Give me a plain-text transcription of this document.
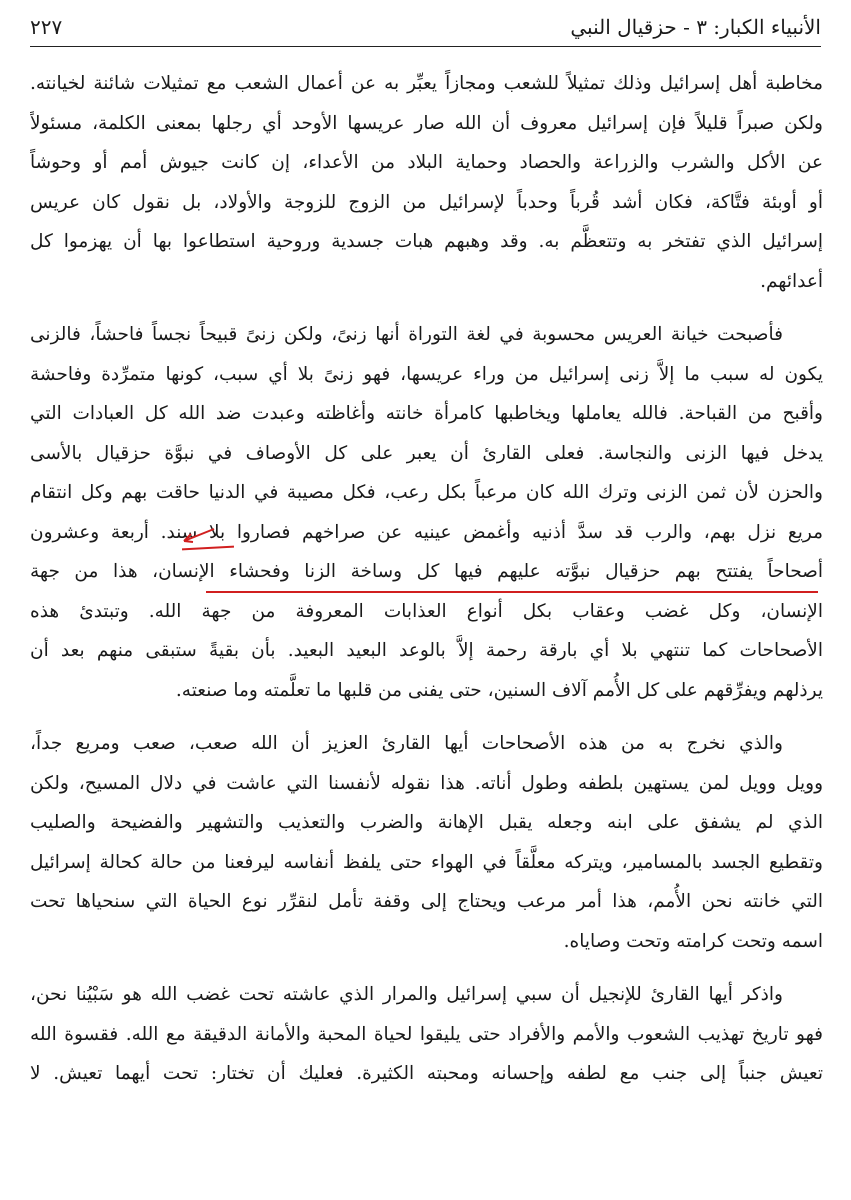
الأنبياء الكبار: ٣ - حزقيال النبي
٢٢٧

مخاطبة أهل إسرائيل وذلك تمثيلاً للشعب ومجازاً يعبِّر به عن أعمال الشعب مع تمثيلات شائنة لخيانته.
ولكن صبراً قليلاً فإن إسرائيل معروف أن الله صار عريسها الأوحد أي رجلها بمعنى الكلمة، مسئولاً
عن الأكل والشرب والزراعة والحصاد وحماية البلاد من الأعداء، إن كانت جيوش أمم أو وحوشاً
أو أوبئة فتَّاكة، فكان أشد قُرباً وحدباً لإسرائيل من الزوج للزوجة والأولاد، بل نقول كان عريس
إسرائيل الذي تفتخر به وتتعظَّم به. وقد وهبهم هبات جسدية وروحية استطاعوا بها أن يهزموا كل
أعدائهم.

فأصبحت خيانة العريس محسوبة في لغة التوراة أنها زنىً، ولكن زنىً قبيحاً نجساً فاحشاً، فالزنى
يكون له سبب ما إلاَّ زنى إسرائيل من وراء عريسها، فهو زنىً بلا أي سبب، كونها متمرِّدة وفاحشة
وأقبح من القباحة. فالله يعاملها ويخاطبها كامرأة خانته وأغاظته وعبدت ضد الله كل العبادات التي
يدخل فيها الزنى والنجاسة. فعلى القارئ أن يعبر على كل الأوصاف في نبوَّة حزقيال بالأسى
والحزن لأن ثمن الزنى وترك الله كان مرعباً بكل رعب، فكل مصيبة في الدنيا حاقت بهم وكل انتقام
مريع نزل بهم، والرب قد سدَّ أذنيه وأغمض عينيه عن صراخهم فصاروا بلا سند. أربعة وعشرون
أصحاحاً يفتتح بهم حزقيال نبوَّته عليهم فيها كل وساخة الزنا وفحشاء الإنسان، هذا من جهة
الإنسان، وكل غضب وعقاب بكل أنواع العذابات المعروفة من جهة الله. وتبتدئ هذه
الأصحاحات كما تنتهي بلا أي بارقة رحمة إلاَّ بالوعد البعيد البعيد. بأن بقيةً ستبقى منهم بعد أن
يرذلهم ويفرِّقهم على كل الأُمم آلاف السنين، حتى يفنى من قلبها ما تعلَّمته وما صنعته.

والذي نخرج به من هذه الأصحاحات أيها القارئ العزيز أن الله صعب، صعب ومريع جداً،
وويل وويل لمن يستهين بلطفه وطول أناته. هذا نقوله لأنفسنا التي عاشت في دلال المسيح، ولكن
الذي لم يشفق على ابنه وجعله يقبل الإهانة والضرب والتعذيب والتشهير والفضيحة والصليب
وتقطيع الجسد بالمسامير، ويتركه معلَّقاً في الهواء حتى يلفظ أنفاسه ليرفعنا من حالة كحالة إسرائيل
التي خانته نحن الأُمم، هذا أمر مرعب ويحتاج إلى وقفة تأمل لنقرِّر نوع الحياة التي سنحياها تحت
اسمه وتحت كرامته وتحت وصاياه.

واذكر أيها القارئ للإنجيل أن سبي إسرائيل والمرار الذي عاشته تحت غضب الله هو سَبْيُنا نحن،
فهو تاريخ تهذيب الشعوب والأمم والأفراد حتى يليقوا لحياة المحبة والأمانة الدقيقة مع الله. فقسوة الله
تعيش جنباً إلى جنب مع لطفه وإحسانه ومحبته الكثيرة. فعليك أن تختار: تحت أيهما تعيش. لا
